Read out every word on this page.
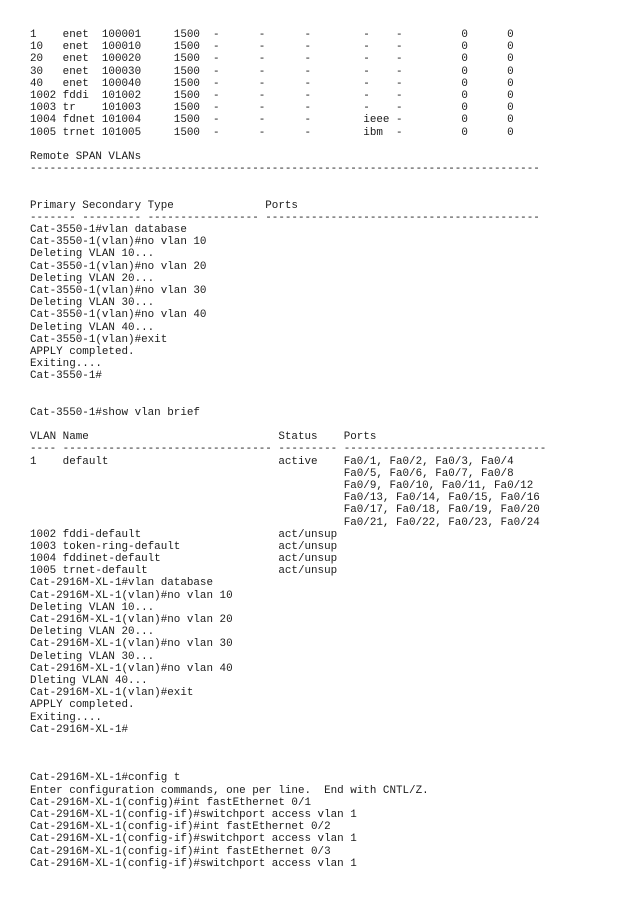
1    enet  100001     1500  -      -      -        -    -         0      0
10   enet  100010     1500  -      -      -        -    -         0      0
20   enet  100020     1500  -      -      -        -    -         0      0
30   enet  100030     1500  -      -      -        -    -         0      0
40   enet  100040     1500  -      -      -        -    -         0      0
1002 fddi  101002     1500  -      -      -        -    -         0      0
1003 tr    101003     1500  -      -      -        -    -         0      0
1004 fdnet 101004     1500  -      -      -        ieee -         0      0
1005 trnet 101005     1500  -      -      -        ibm  -         0      0

Remote SPAN VLANs
------------------------------------------------------------------------------

Primary Secondary Type              Ports
------- --------- ----------------- ------------------------------------------
Cat-3550-1#vlan database
Cat-3550-1(vlan)#no vlan 10
Deleting VLAN 10...
Cat-3550-1(vlan)#no vlan 20
Deleting VLAN 20...
Cat-3550-1(vlan)#no vlan 30
Deleting VLAN 30...
Cat-3550-1(vlan)#no vlan 40
Deleting VLAN 40...
Cat-3550-1(vlan)#exit
APPLY completed.
Exiting....
Cat-3550-1#

Cat-3550-1#show vlan brief

VLAN Name                             Status    Ports
---- -------------------------------- --------- -------------------------------
1    default                          active    Fa0/1, Fa0/2, Fa0/3, Fa0/4
Fa0/5, Fa0/6, Fa0/7, Fa0/8
Fa0/9, Fa0/10, Fa0/11, Fa0/12
Fa0/13, Fa0/14, Fa0/15, Fa0/16
Fa0/17, Fa0/18, Fa0/19, Fa0/20
Fa0/21, Fa0/22, Fa0/23, Fa0/24
1002 fddi-default                     act/unsup
1003 token-ring-default               act/unsup
1004 fddinet-default                  act/unsup
1005 trnet-default                    act/unsup
Cat-2916M-XL-1#vlan database
Cat-2916M-XL-1(vlan)#no vlan 10
Deleting VLAN 10...
Cat-2916M-XL-1(vlan)#no vlan 20
Deleting VLAN 20...
Cat-2916M-XL-1(vlan)#no vlan 30
Deleting VLAN 30...
Cat-2916M-XL-1(vlan)#no vlan 40
Dleting VLAN 40...
Cat-2916M-XL-1(vlan)#exit
APPLY completed.
Exiting....
Cat-2916M-XL-1#

Cat-2916M-XL-1#config t
Enter configuration commands, one per line.  End with CNTL/Z.
Cat-2916M-XL-1(config)#int fastEthernet 0/1
Cat-2916M-XL-1(config-if)#switchport access vlan 1
Cat-2916M-XL-1(config-if)#int fastEthernet 0/2
Cat-2916M-XL-1(config-if)#switchport access vlan 1
Cat-2916M-XL-1(config-if)#int fastEthernet 0/3
Cat-2916M-XL-1(config-if)#switchport access vlan 1
